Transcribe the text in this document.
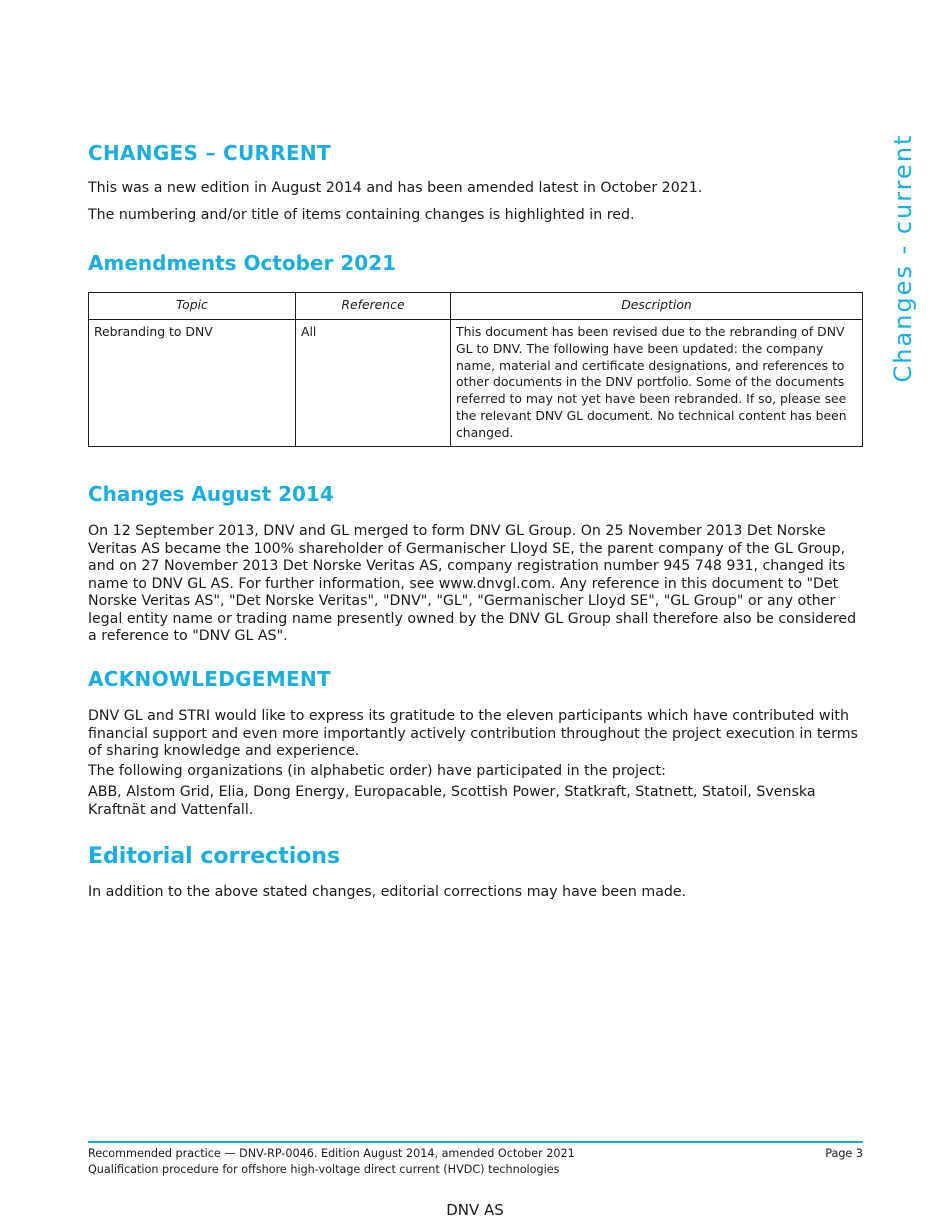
Changes - current
CHANGES – CURRENT

This was a new edition in August 2014 and has been amended latest in October 2021.

The numbering and/or title of items containing changes is highlighted in red.

Amendments October 2021
Topic	Reference	Description
Rebranding to DNV	All	This document has been revised due to the rebranding of DNV GL to DNV. The following have been updated: the company name, material and certificate designations, and references to other documents in the DNV portfolio. Some of the documents referred to may not yet have been rebranded. If so, please see the relevant DNV GL document. No technical content has been changed.
Changes August 2014

On 12 September 2013, DNV and GL merged to form DNV GL Group. On 25 November 2013 Det Norske Veritas AS became the 100% shareholder of Germanischer Lloyd SE, the parent company of the GL Group, and on 27 November 2013 Det Norske Veritas AS, company registration number 945 748 931, changed its name to DNV GL AS. For further information, see www.dnvgl.com. Any reference in this document to "Det Norske Veritas AS", "Det Norske Veritas", "DNV", "GL", "Germanischer Lloyd SE", "GL Group" or any other legal entity name or trading name presently owned by the DNV GL Group shall therefore also be considered a reference to "DNV GL AS".

ACKNOWLEDGEMENT

DNV GL and STRI would like to express its gratitude to the eleven participants which have contributed with financial support and even more importantly actively contribution throughout the project execution in terms of sharing knowledge and experience.

The following organizations (in alphabetic order) have participated in the project:

ABB, Alstom Grid, Elia, Dong Energy, Europacable, Scottish Power, Statkraft, Statnett, Statoil, Svenska Kraftnät and Vattenfall.

Editorial corrections

In addition to the above stated changes, editorial corrections may have been made.

Recommended practice — DNV-RP-0046. Edition August 2014, amended October 2021	Page 3
Qualification procedure for offshore high-voltage direct current (HVDC) technologies
DNV AS
